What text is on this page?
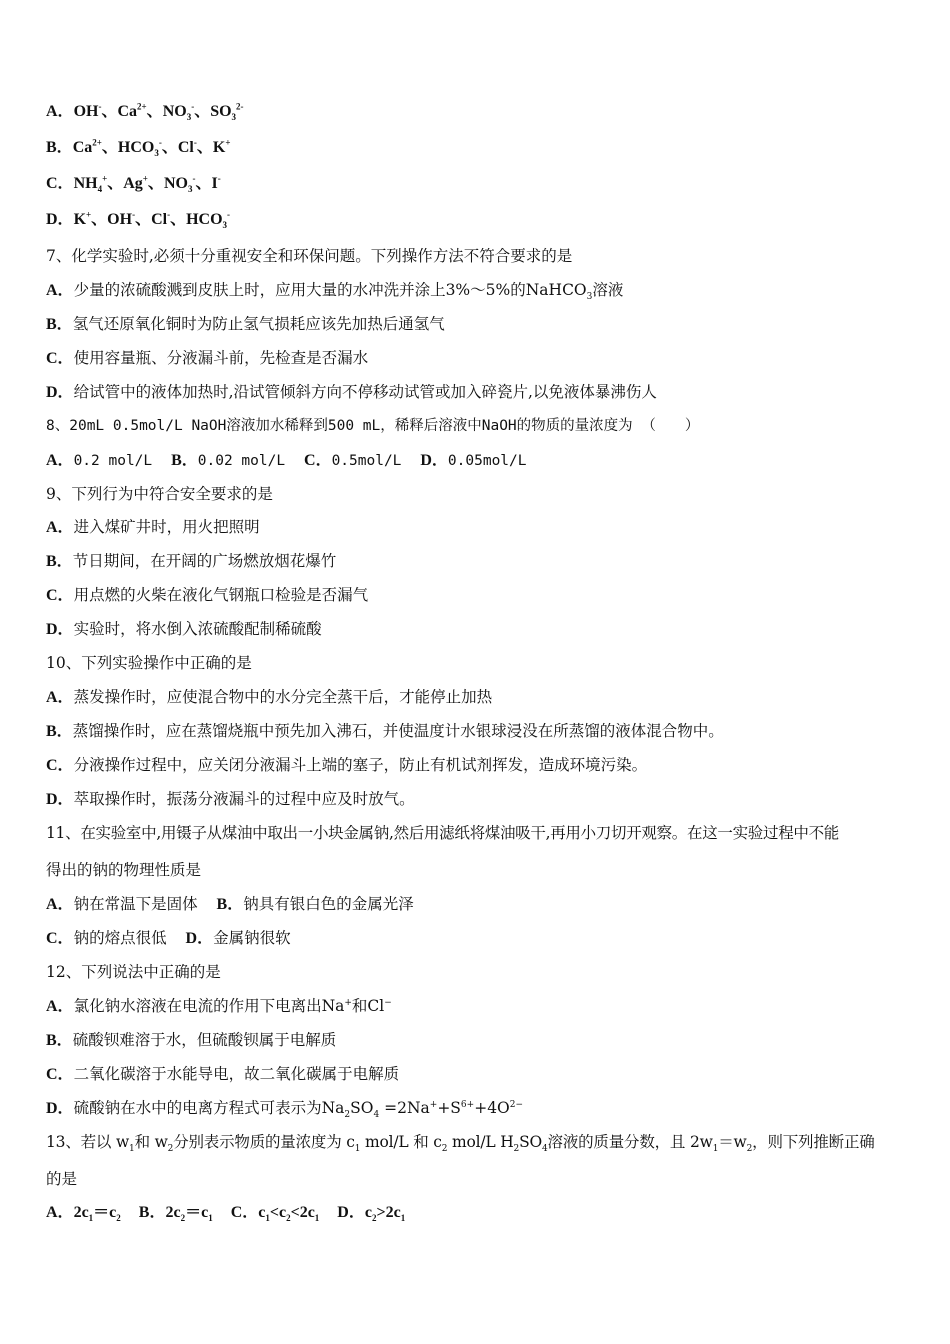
A．OH-、$Ca^{2+}$、$NO_3^-$、$SO_3^{2-}$
B．$Ca^{2+}$、$HCO_3^-$、Cl-、K+
C．$NH_4^+$、Ag+、$NO_3^-$、I-
D．K+、OH-、Cl-、$HCO_3^-$
7、化学实验时,必须十分重视安全和环保问题。下列操作方法不符合要求的是
A．少量的浓硫酸溅到皮肤上时，应用大量的水冲洗并涂上3%～5%的NaHCO$_3$溶液
B．氢气还原氧化铜时为防止氢气损耗应该先加热后通氢气
C．使用容量瓶、分液漏斗前，先检查是否漏水
D．给试管中的液体加热时,沿试管倾斜方向不停移动试管或加入碎瓷片,以免液体暴沸伤人
8、20mL 0.5mol/L NaOH溶液加水稀释到500 mL，稀释后溶液中NaOH的物质的量浓度为 （　　）
A．0.2 mol/L B．0.02 mol/L C．0.5mol/L D．0.05mol/L
9、下列行为中符合安全要求的是
A．进入煤矿井时，用火把照明
B．节日期间，在开阔的广场燃放烟花爆竹
C．用点燃的火柴在液化气钢瓶口检验是否漏气
D．实验时，将水倒入浓硫酸配制稀硫酸
10、下列实验操作中正确的是
A．蒸发操作时，应使混合物中的水分完全蒸干后，才能停止加热
B．蒸馏操作时，应在蒸馏烧瓶中预先加入沸石，并使温度计水银球浸没在所蒸馏的液体混合物中。
C．分液操作过程中，应关闭分液漏斗上端的塞子，防止有机试剂挥发，造成环境污染。
D．萃取操作时，振荡分液漏斗的过程中应及时放气。
11、在实验室中,用镊子从煤油中取出一小块金属钠,然后用滤纸将煤油吸干,再用小刀切开观察。在这一实验过程中不能
得出的钠的物理性质是
A．钠在常温下是固体 B．钠具有银白色的金属光泽
C．钠的熔点很低 D．金属钠很软
12、下列说法中正确的是
A．氯化钠水溶液在电流的作用下电离出Na+和Cl−
B．硫酸钡难溶于水，但硫酸钡属于电解质
C．二氧化碳溶于水能导电，故二氧化碳属于电解质
D．硫酸钠在水中的电离方程式可表示为$Na_2SO_4 =2Na^++S^{6+}+4O^{2-}$
13、若以 $w_1$和 $w_2$分别表示物质的量浓度为 $c_1$ mol/L 和 $c_2$ mol/L $H_2SO_4$溶液的质量分数，且 $2w_1=w_2$，则下列推断正确
的是
A．$2c_1=c_2$ B．$2c_2=c_1$ C．$c_1<c_2<2c_1$ D．$c_2>2c_1$
